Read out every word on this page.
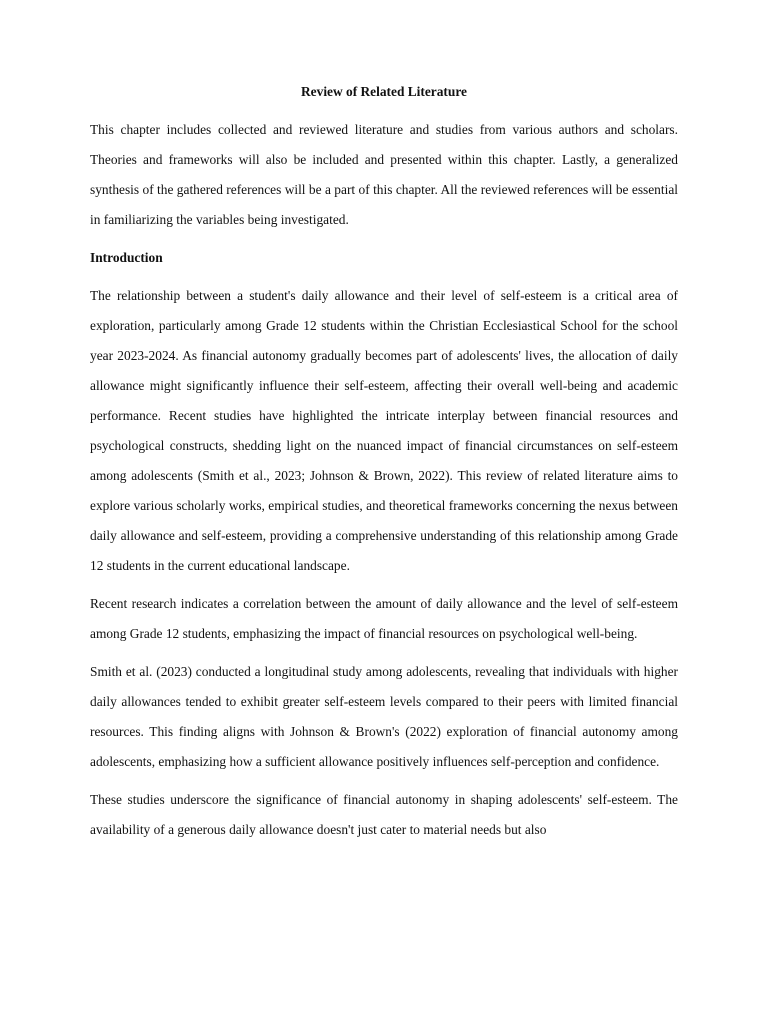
Review of Related Literature

This chapter includes collected and reviewed literature and studies from various authors and scholars. Theories and frameworks will also be included and presented within this chapter. Lastly, a generalized synthesis of the gathered references will be a part of this chapter. All the reviewed references will be essential in familiarizing the variables being investigated.

Introduction

The relationship between a student's daily allowance and their level of self-esteem is a critical area of exploration, particularly among Grade 12 students within the Christian Ecclesiastical School for the school year 2023-2024. As financial autonomy gradually becomes part of adolescents' lives, the allocation of daily allowance might significantly influence their self-esteem, affecting their overall well-being and academic performance. Recent studies have highlighted the intricate interplay between financial resources and psychological constructs, shedding light on the nuanced impact of financial circumstances on self-esteem among adolescents (Smith et al., 2023; Johnson & Brown, 2022). This review of related literature aims to explore various scholarly works, empirical studies, and theoretical frameworks concerning the nexus between daily allowance and self-esteem, providing a comprehensive understanding of this relationship among Grade 12 students in the current educational landscape.

Recent research indicates a correlation between the amount of daily allowance and the level of self-esteem among Grade 12 students, emphasizing the impact of financial resources on psychological well-being.

Smith et al. (2023) conducted a longitudinal study among adolescents, revealing that individuals with higher daily allowances tended to exhibit greater self-esteem levels compared to their peers with limited financial resources. This finding aligns with Johnson & Brown's (2022) exploration of financial autonomy among adolescents, emphasizing how a sufficient allowance positively influences self-perception and confidence.

These studies underscore the significance of financial autonomy in shaping adolescents' self-esteem. The availability of a generous daily allowance doesn't just cater to material needs but also
